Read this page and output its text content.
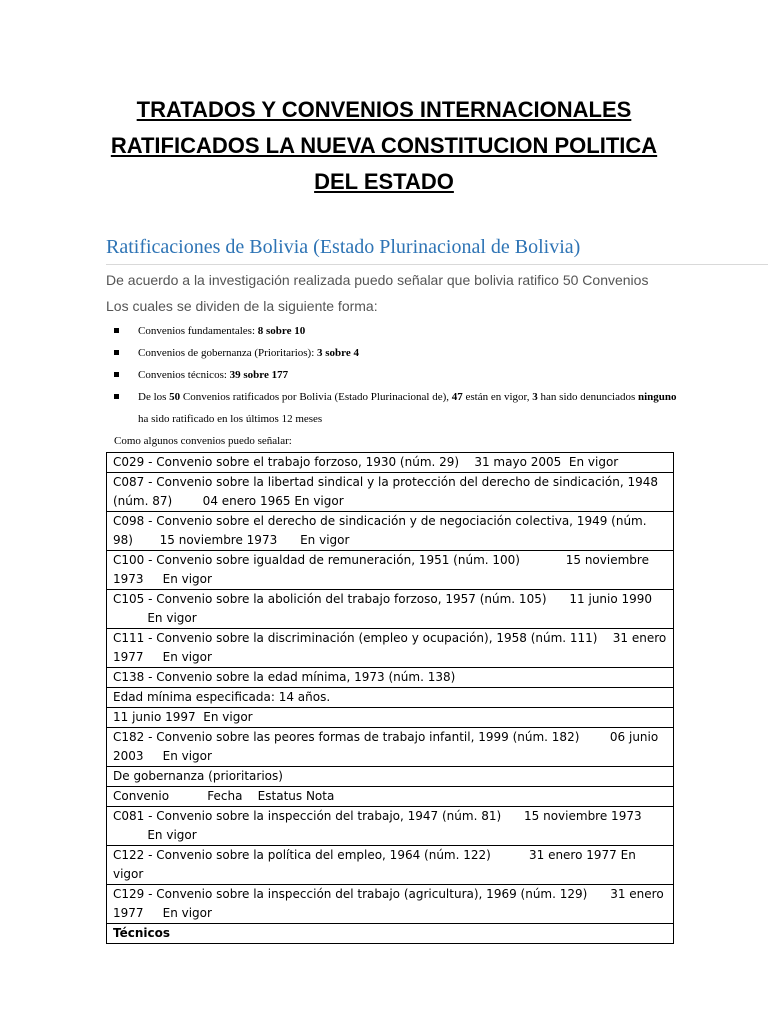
TRATADOS Y CONVENIOS INTERNACIONALES
RATIFICADOS LA NUEVA CONSTITUCION POLITICA
DEL ESTADO
Ratificaciones de Bolivia (Estado Plurinacional de Bolivia)
De acuerdo a la investigación realizada puedo señalar que bolivia ratifico 50 Convenios
Los cuales se dividen de la siguiente forma:
Convenios fundamentales: 8 sobre 10
Convenios de gobernanza (Prioritarios): 3 sobre 4
Convenios técnicos: 39 sobre 177
De los 50 Convenios ratificados por Bolivia (Estado Plurinacional de), 47 están en vigor, 3 han sido denunciados ninguno
ha sido ratificado en los últimos 12 meses
Como algunos convenios puedo señalar:
C029 - Convenio sobre el trabajo forzoso, 1930 (núm. 29)    31 mayo 2005  En vigor
C087 - Convenio sobre la libertad sindical y la protección del derecho de sindicación, 1948 (núm. 87)        04 enero 1965 En vigor
C098 - Convenio sobre el derecho de sindicación y de negociación colectiva, 1949 (núm. 98)       15 noviembre 1973      En vigor
C100 - Convenio sobre igualdad de remuneración, 1951 (núm. 100)            15 noviembre 1973     En vigor
C105 - Convenio sobre la abolición del trabajo forzoso, 1957 (núm. 105)      11 junio 1990
En vigor
C111 - Convenio sobre la discriminación (empleo y ocupación), 1958 (núm. 111)    31 enero 1977     En vigor
C138 - Convenio sobre la edad mínima, 1973 (núm. 138)
Edad mínima especificada: 14 años.
11 junio 1997  En vigor
C182 - Convenio sobre las peores formas de trabajo infantil, 1999 (núm. 182)        06 junio 2003     En vigor
De gobernanza (prioritarios)
Convenio          Fecha    Estatus Nota
C081 - Convenio sobre la inspección del trabajo, 1947 (núm. 81)      15 noviembre 1973
En vigor
C122 - Convenio sobre la política del empleo, 1964 (núm. 122)          31 enero 1977 En vigor
C129 - Convenio sobre la inspección del trabajo (agricultura), 1969 (núm. 129)      31 enero 1977     En vigor
Técnicos
